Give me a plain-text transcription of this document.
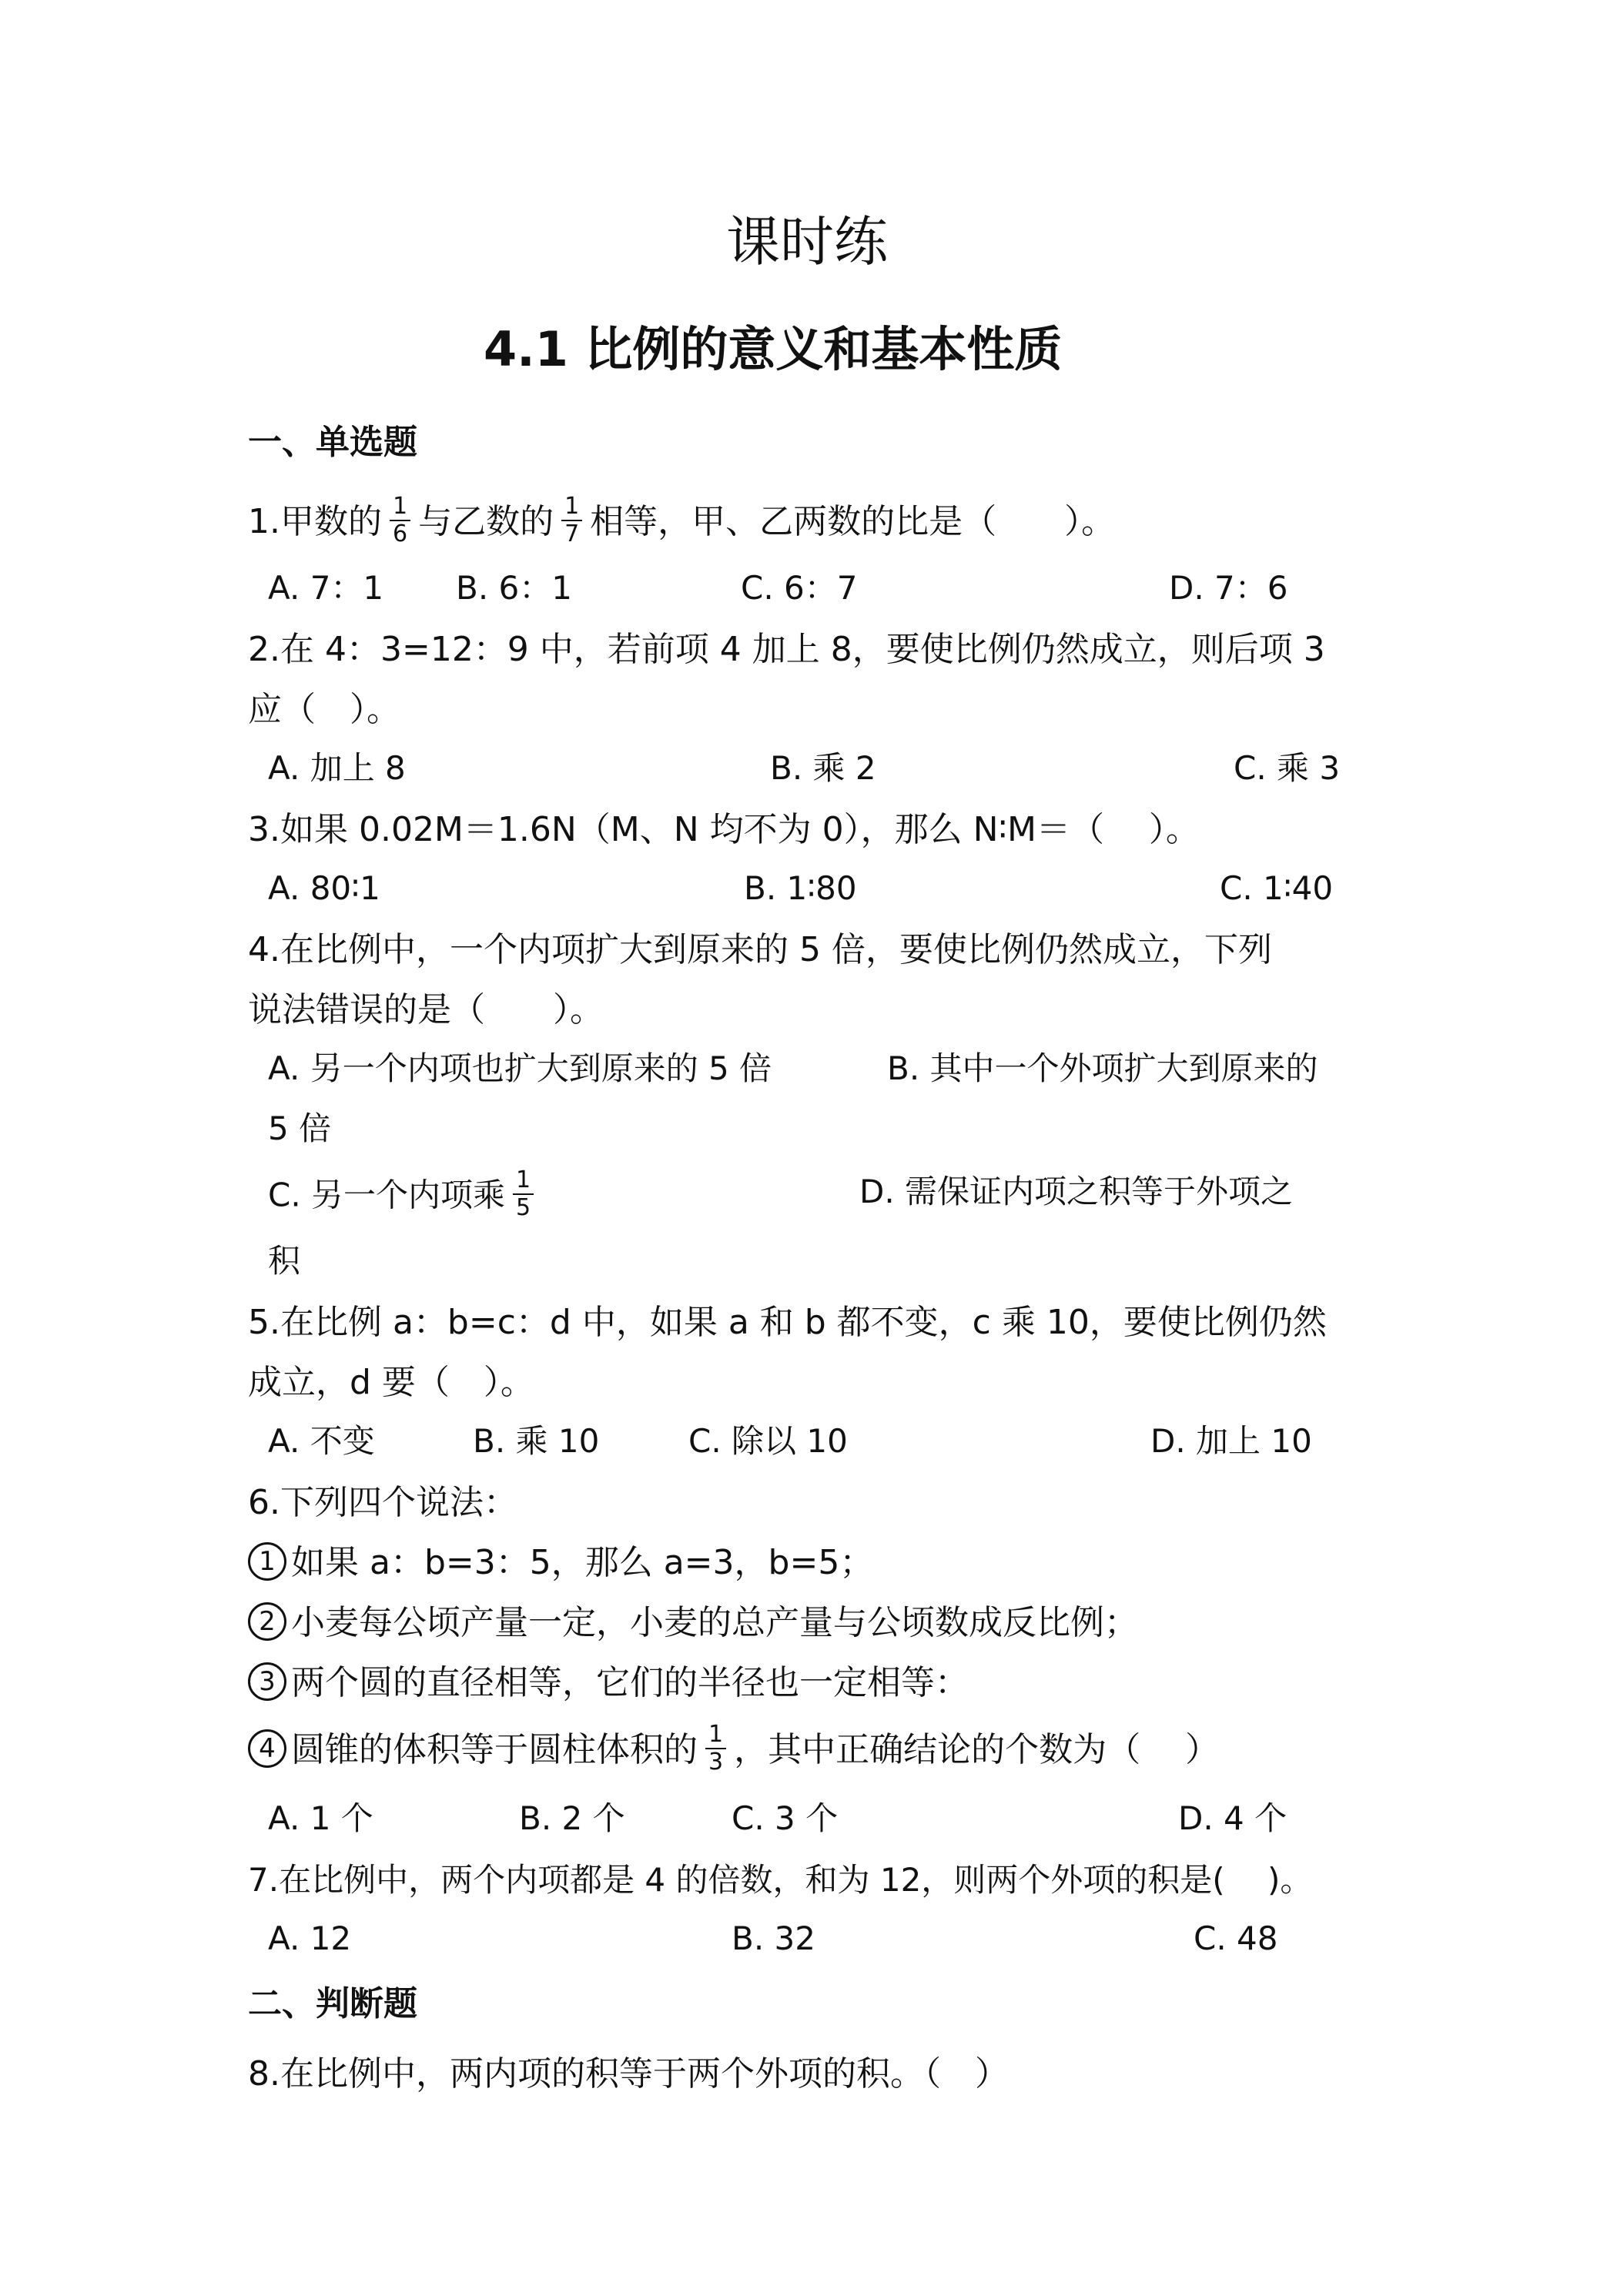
课时练
4.1 比例的意义和基本性质
一、单选题
1.甲数的 $\frac{1}{6}$ 与乙数的 $\frac{1}{7}$ 相等，甲、乙两数的比是（　　）。
A. 7：1 B. 6：1	C. 6：7	D. 7：6
2.在 4：3=12：9 中，若前项 4 加上 8，要使比例仍然成立，则后项 3
应（　）。
A. 加上 8	B. 乘 2	C. 乘 3
3.如果 0.02M＝1.6N（M、N 均不为 0），那么 N∶M＝（　 ）。
A. 80∶1	B. 1∶80	C. 1∶40
4.在比例中，一个内项扩大到原来的 5 倍，要使比例仍然成立，下列
说法错误的是（　　）。
A. 另一个内项也扩大到原来的 5 倍	B. 其中一个外项扩大到原来的
5 倍
C. 另一个内项乘 $\frac{1}{5}$	D. 需保证内项之积等于外项之
积
5.在比例 a：b=c：d 中，如果 a 和 b 都不变，c 乘 10，要使比例仍然
成立，d 要（　）。
A. 不变	B. 乘 10	C. 除以 10	D. 加上 10
6.下列四个说法：
1 如果 a：b=3：5，那么 a=3，b=5；
2 小麦每公顷产量一定，小麦的总产量与公顷数成反比例；
3 两个圆的直径相等，它们的半径也一定相等：
4 圆锥的体积等于圆柱体积的 $\frac{1}{3}$ ，其中正确结论的个数为（　 ）
A. 1 个	B. 2 个	C. 3 个	D. 4 个
7.在比例中，两个内项都是 4 的倍数，和为 12，则两个外项的积是(　 )。
A. 12	B. 32	C. 48
二、判断题
8.在比例中，两内项的积等于两个外项的积。（　）
